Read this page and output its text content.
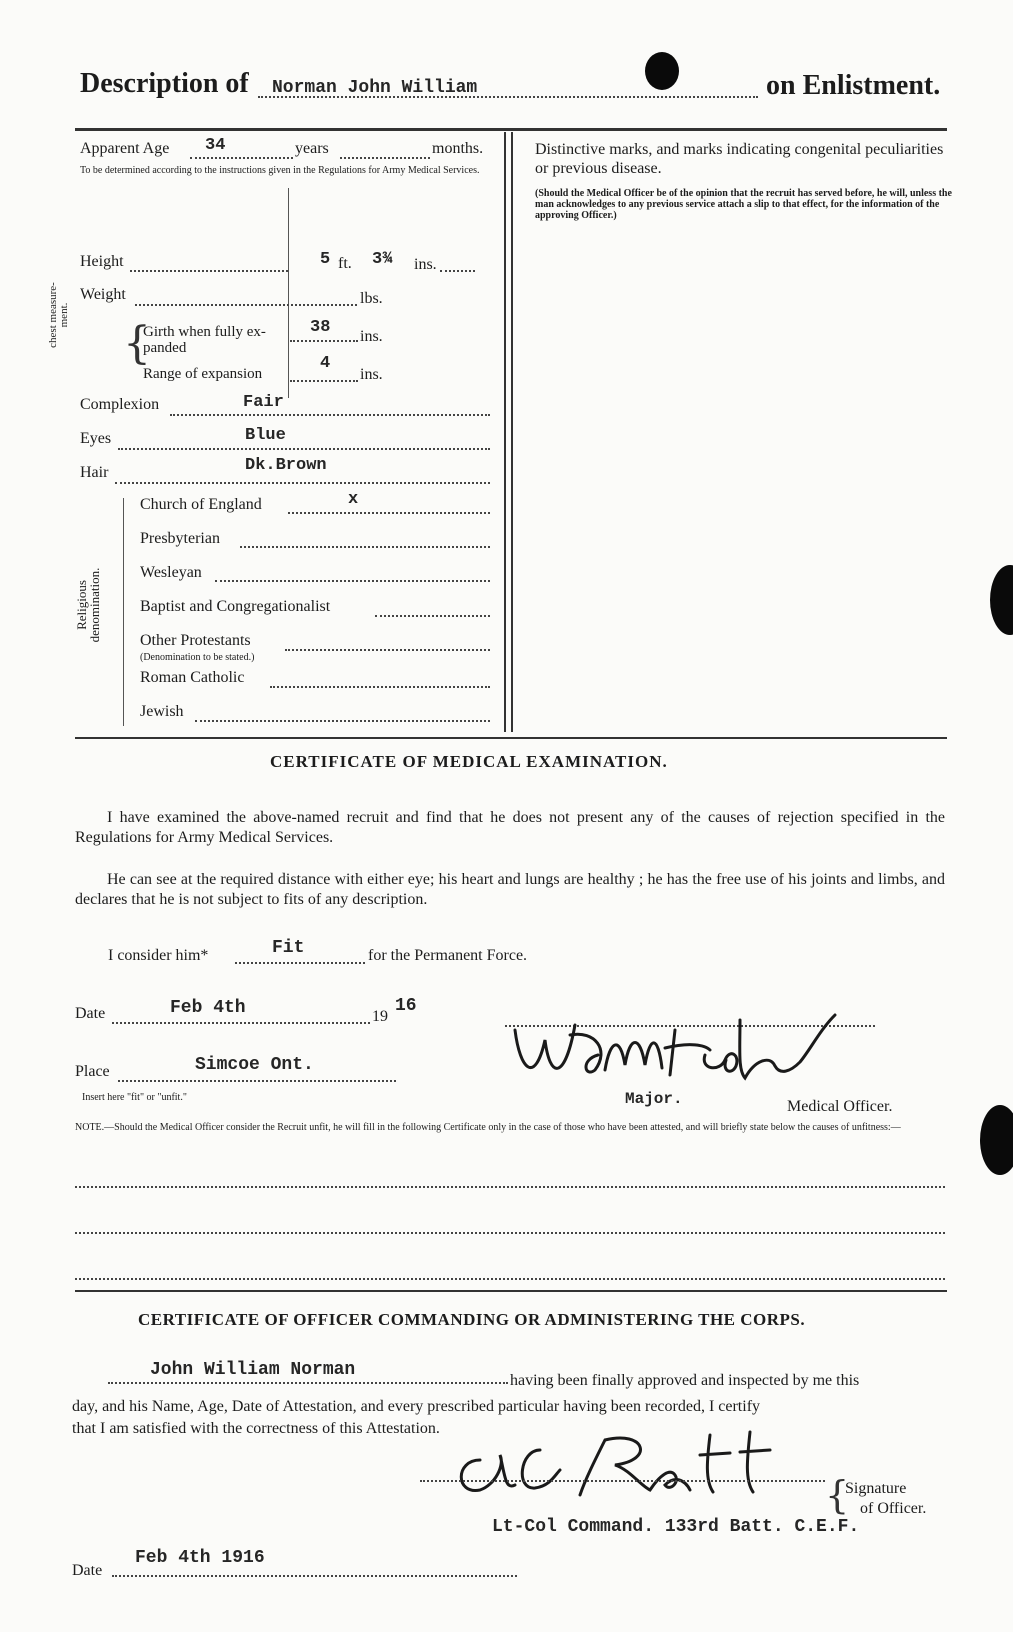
Description of Norman John William	on Enlistment.
Apparent Age 34	years	months.
To be determined according to the instructions given in the Regulations for Army Medical Services.
Height	5 ft. 3¾ ins.
Weight	lbs.
chest measure-ment.
{
Girth when fully ex-panded
38 ins.
Range of expansion
4
ins.
Complexion	Fair
Eyes	Blue
Hair	Dk.Brown
Religious denomination.
Church of England	x
Presbyterian
Wesleyan
Baptist and Congregationalist
Other Protestants
(Denomination to be stated.)
Roman Catholic
Jewish
Distinctive marks, and marks indicating congenital peculiarities or previous disease.
(Should the Medical Officer be of the opinion that the recruit has served before, he will, unless the man acknowledges to any previous service attach a slip to that effect, for the information of the approving Officer.)
CERTIFICATE OF MEDICAL EXAMINATION.
I have examined the above-named recruit and find that he does not present any of the causes of rejection specified in the Regulations for Army Medical Services.
He can see at the required distance with either eye; his heart and lungs are healthy ; he has the free use of his joints and limbs, and declares that he is not subject to fits of any description.
I consider him*	Fit	for the Permanent Force.
Date	Feb 4th	19
16
Place	Simcoe Ont.
Insert here "fit" or "unfit."	Major.	Medical Officer.
NOTE.—Should the Medical Officer consider the Recruit unfit, he will fill in the following Certificate only in the case of those who have been attested, and will briefly state below the causes of unfitness:—
CERTIFICATE OF OFFICER COMMANDING OR ADMINISTERING THE CORPS.
John William Norman
having been finally approved and inspected by me this
day, and his Name, Age, Date of Attestation, and every prescribed particular having been recorded, I certify
that I am satisfied with the correctness of this Attestation.
{
Signature
of Officer.
Lt-Col Command. 133rd Batt. C.E.F.
Date
Feb 4th 1916
